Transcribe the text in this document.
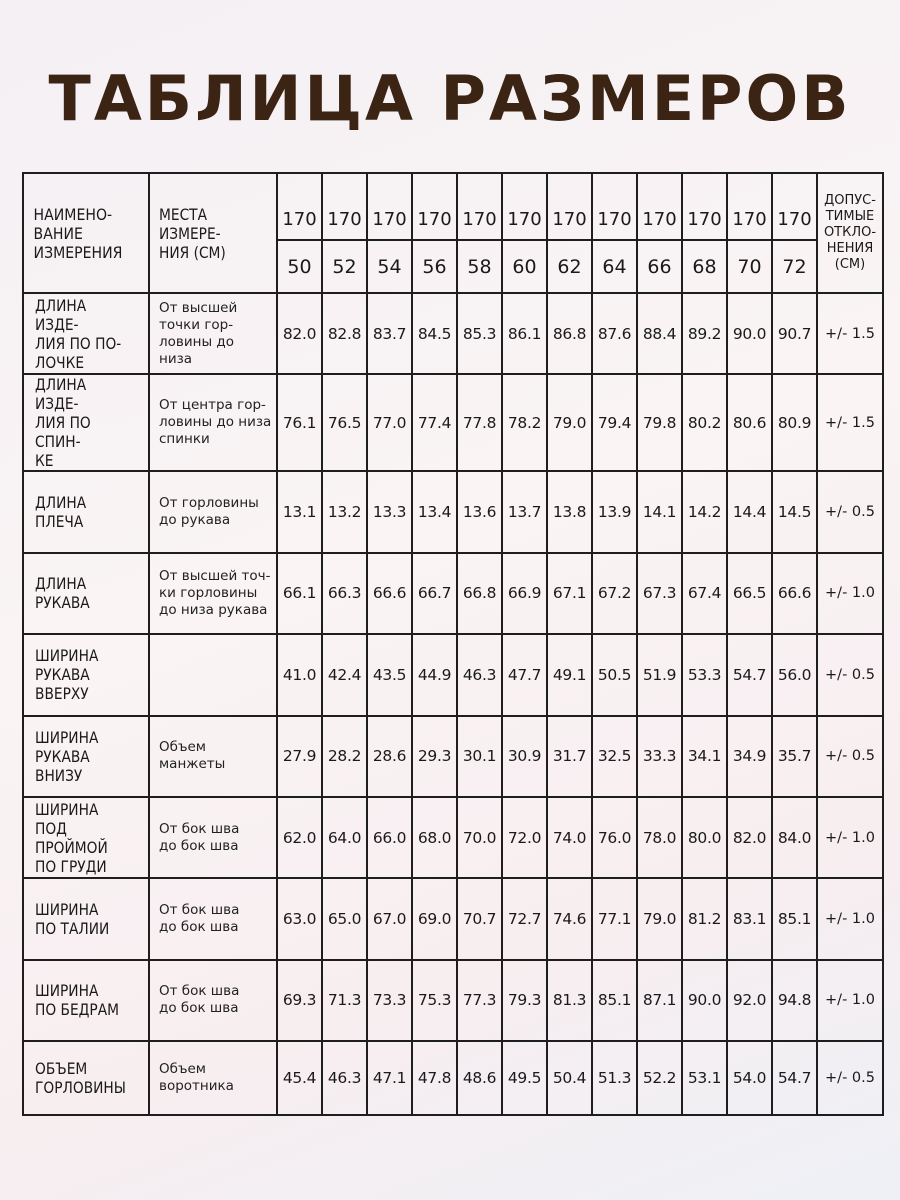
ТАБЛИЦА РАЗМЕРОВ
НАИМЕНО-
ВАНИЕ
ИЗМЕРЕНИЯ	МЕСТА
ИЗМЕРЕ-
НИЯ (СМ)	170	170	170	170	170	170	170	170	170	170	170	170	ДОПУС-
ТИМЫЕ
ОТКЛО-
НЕНИЯ
(СМ)
		50	52	54	56	58	60	62	64	66	68	70	72	
ДЛИНА ИЗДЕ-
ЛИЯ ПО ПО-
ЛОЧКЕ	От высшей
точки гор-
ловины до
низа	82.0	82.8	83.7	84.5	85.3	86.1	86.8	87.6	88.4	89.2	90.0	90.7	+/- 1.5
ДЛИНА ИЗДЕ-
ЛИЯ ПО СПИН-
КЕ	От центра гор-
ловины до низа
спинки	76.1	76.5	77.0	77.4	77.8	78.2	79.0	79.4	79.8	80.2	80.6	80.9	+/- 1.5
ДЛИНА
ПЛЕЧА	От горловины
до рукава	13.1	13.2	13.3	13.4	13.6	13.7	13.8	13.9	14.1	14.2	14.4	14.5	+/- 0.5
ДЛИНА
РУКАВА	От высшей точ-
ки горловины
до низа рукава	66.1	66.3	66.6	66.7	66.8	66.9	67.1	67.2	67.3	67.4	66.5	66.6	+/- 1.0
ШИРИНА
РУКАВА
ВВЕРХУ		41.0	42.4	43.5	44.9	46.3	47.7	49.1	50.5	51.9	53.3	54.7	56.0	+/- 0.5
ШИРИНА
РУКАВА
ВНИЗУ	Объем
манжеты	27.9	28.2	28.6	29.3	30.1	30.9	31.7	32.5	33.3	34.1	34.9	35.7	+/- 0.5
ШИРИНА ПОД
ПРОЙМОЙ
ПО ГРУДИ	От бок шва
до бок шва	62.0	64.0	66.0	68.0	70.0	72.0	74.0	76.0	78.0	80.0	82.0	84.0	+/- 1.0
ШИРИНА
ПО ТАЛИИ	От бок шва
до бок шва	63.0	65.0	67.0	69.0	70.7	72.7	74.6	77.1	79.0	81.2	83.1	85.1	+/- 1.0
ШИРИНА
ПО БЕДРАМ	От бок шва
до бок шва	69.3	71.3	73.3	75.3	77.3	79.3	81.3	85.1	87.1	90.0	92.0	94.8	+/- 1.0
ОБЪЕМ
ГОРЛОВИНЫ	Объем
воротника	45.4	46.3	47.1	47.8	48.6	49.5	50.4	51.3	52.2	53.1	54.0	54.7	+/- 0.5
